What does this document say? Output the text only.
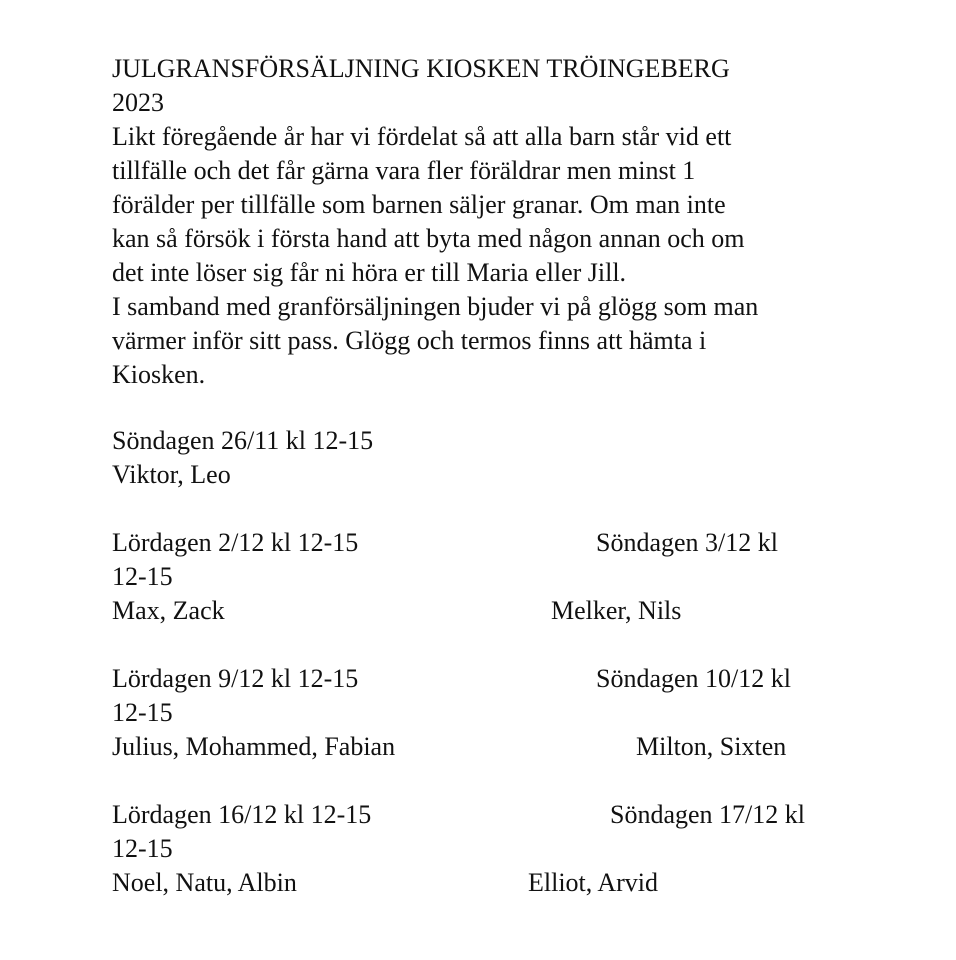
JULGRANSFÖRSÄLJNING KIOSKEN TRÖINGEBERG

2023

Likt föregående år har vi fördelat så att alla barn står vid ett

tillfälle och det får gärna vara fler föräldrar men minst 1

förälder per tillfälle som barnen säljer granar. Om man inte

kan så försök i första hand att byta med någon annan och om

det inte löser sig får ni höra er till Maria eller Jill.

I samband med granförsäljningen bjuder vi på glögg som man

värmer inför sitt pass. Glögg och termos finns att hämta i

Kiosken.

Söndagen 26/11 kl 12-15

Viktor, Leo

Lördagen 2/12 kl 12-15	Söndagen 3/12 kl

12-15

Max, Zack	Melker, Nils

Lördagen 9/12 kl 12-15	Söndagen 10/12 kl

12-15

Julius, Mohammed, Fabian	Milton, Sixten

Lördagen 16/12 kl 12-15	Söndagen 17/12 kl

12-15

Noel, Natu, Albin	Elliot, Arvid
